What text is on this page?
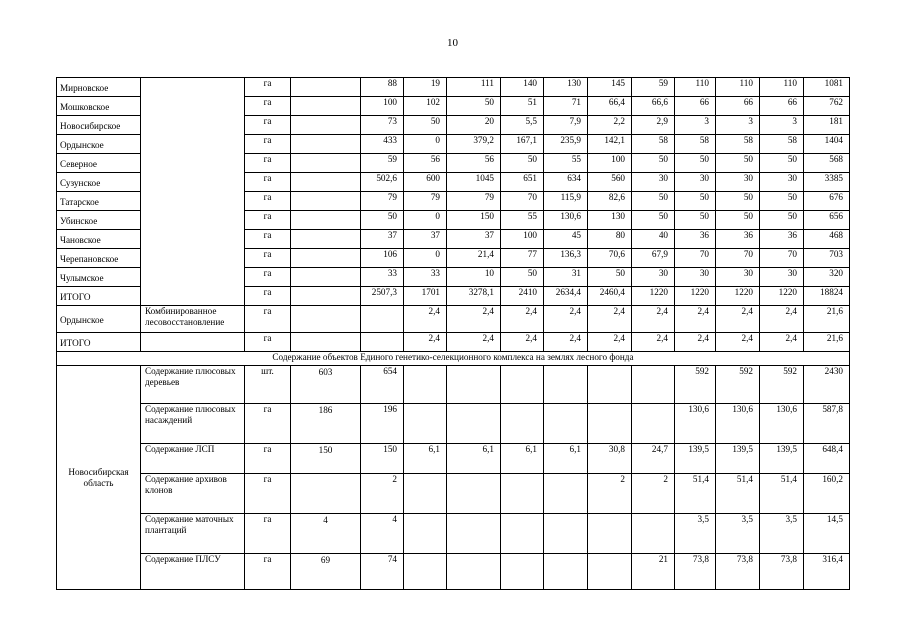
10
Мирновское		га		88	19	111	140	130	145	59	110	110	110	1081
Мошковское		га		100	102	50	51	71	66,4	66,6	66	66	66	762
Новосибирское		га		73	50	20	5,5	7,9	2,2	2,9	3	3	3	181
Ордынское		га		433	0	379,2	167,1	235,9	142,1	58	58	58	58	1404
Северное		га		59	56	56	50	55	100	50	50	50	50	568
Сузунское		га		502,6	600	1045	651	634	560	30	30	30	30	3385
Татарское		га		79	79	79	70	115,9	82,6	50	50	50	50	676
Убинское		га		50	0	150	55	130,6	130	50	50	50	50	656
Чановское		га		37	37	37	100	45	80	40	36	36	36	468
Черепановское		га		106	0	21,4	77	136,3	70,6	67,9	70	70	70	703
Чулымское		га		33	33	10	50	31	50	30	30	30	30	320
ИТОГО		га		2507,3	1701	3278,1	2410	2634,4	2460,4	1220	1220	1220	1220	18824
Ордынское	Комбинированное лесовосстановление	га			2,4	2,4	2,4	2,4	2,4	2,4	2,4	2,4	2,4	21,6
ИТОГО		га			2,4	2,4	2,4	2,4	2,4	2,4	2,4	2,4	2,4	21,6
Содержание объектов Единого генетико-селекционного комплекса на землях лесного фонда														
Новосибирская область	Содержание плюсовых деревьев	шт.	603	654							592	592	592	2430
	Содержание плюсовых насаждений	га	186	196							130,6	130,6	130,6	587,8
	Содержание ЛСП	га	150	150	6,1	6,1	6,1	6,1	30,8	24,7	139,5	139,5	139,5	648,4
	Содержание архивов клонов	га		2					2	2	51,4	51,4	51,4	160,2
	Содержание маточных плантаций	га	4	4							3,5	3,5	3,5	14,5
	Содержание ПЛСУ	га	69	74						21	73,8	73,8	73,8	316,4
